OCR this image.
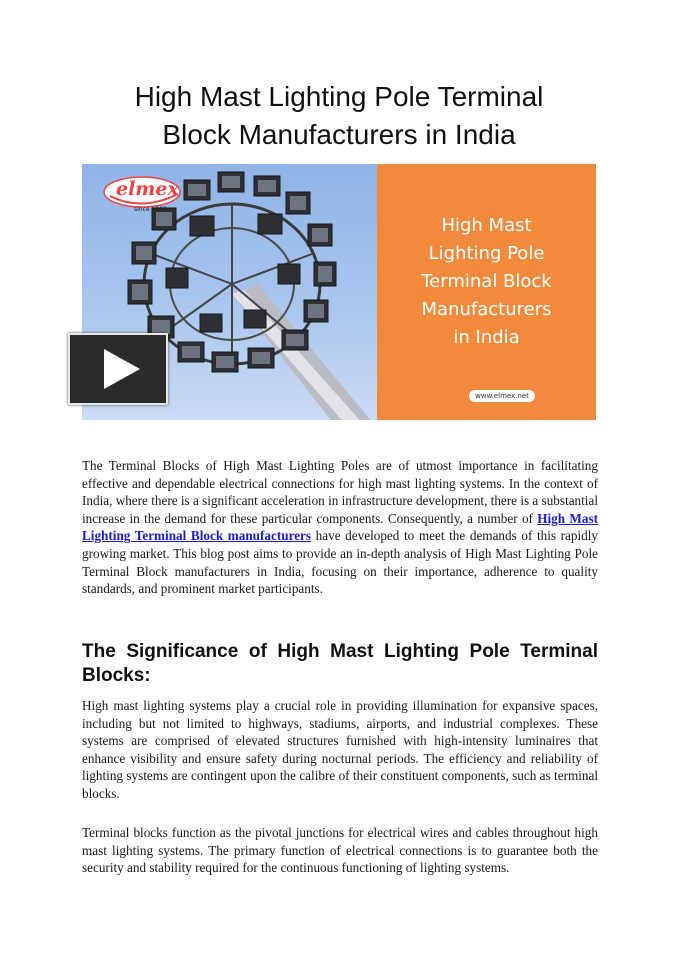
High Mast Lighting Pole Terminal
Block Manufacturers in India
elmex
since 1963
High Mast
Lighting Pole
Terminal Block
Manufacturers
in India
www.elmex.net

The Terminal Blocks of High Mast Lighting Poles are of utmost importance in facilitating effective and dependable electrical connections for high mast lighting systems. In the context of India, where there is a significant acceleration in infrastructure development, there is a substantial increase in the demand for these particular components. Consequently, a number of High Mast Lighting Terminal Block manufacturers have developed to meet the demands of this rapidly growing market. This blog post aims to provide an in-depth analysis of High Mast Lighting Pole Terminal Block manufacturers in India, focusing on their importance, adherence to quality standards, and prominent market participants.

The Significance of High Mast Lighting Pole Terminal Blocks:

High mast lighting systems play a crucial role in providing illumination for expansive spaces, including but not limited to highways, stadiums, airports, and industrial complexes. These systems are comprised of elevated structures furnished with high-intensity luminaires that enhance visibility and ensure safety during nocturnal periods. The efficiency and reliability of lighting systems are contingent upon the calibre of their constituent components, such as terminal blocks.

Terminal blocks function as the pivotal junctions for electrical wires and cables throughout high mast lighting systems. The primary function of electrical connections is to guarantee both the security and stability required for the continuous functioning of lighting systems.
